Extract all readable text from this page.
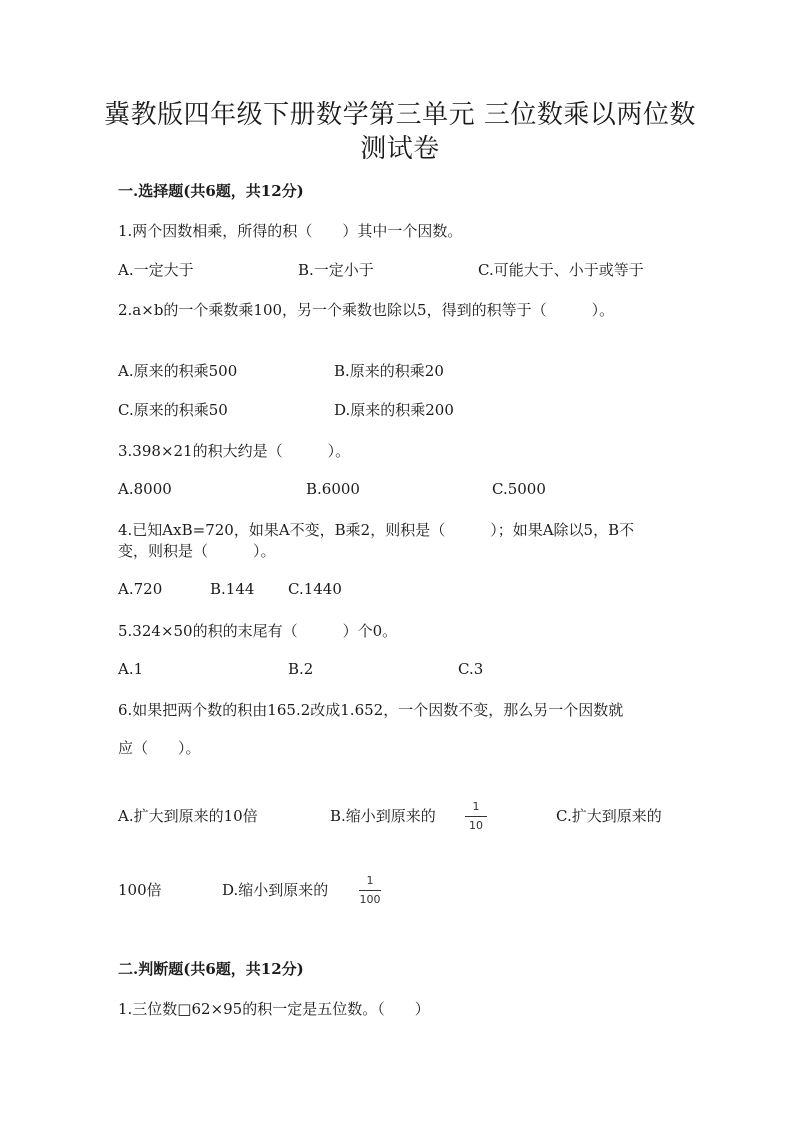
冀教版四年级下册数学第三单元 三位数乘以两位数
测试卷
一.选择题(共6题，共12分)
1.两个因数相乘，所得的积（　　）其中一个因数。
A.一定大于	B.一定小于	C.可能大于、小于或等于
2.a×b的一个乘数乘100，另一个乘数也除以5，得到的积等于（　　　）。
A.原来的积乘500	B.原来的积乘20
C.原来的积乘50	D.原来的积乘200
3.398×21的积大约是（　　　）。
A.8000	B.6000	C.5000
4.已知AxB=720，如果A不变，B乘2，则积是（　　　）；如果A除以5，B不
变，则积是（　　　）。
A.720	B.144 C.1440
5.324×50的积的末尾有（　　　）个0。
A.1	B.2	C.3
6.如果把两个数的积由165.2改成1.652，一个因数不变，那么另一个因数就
应（　　）。
A.扩大到原来的10倍	B.缩小到原来的
1
10
C.扩大到原来的
100倍	D.缩小到原来的
1
100
二.判断题(共6题，共12分)
1.三位数□62×95的积一定是五位数。（　　）
